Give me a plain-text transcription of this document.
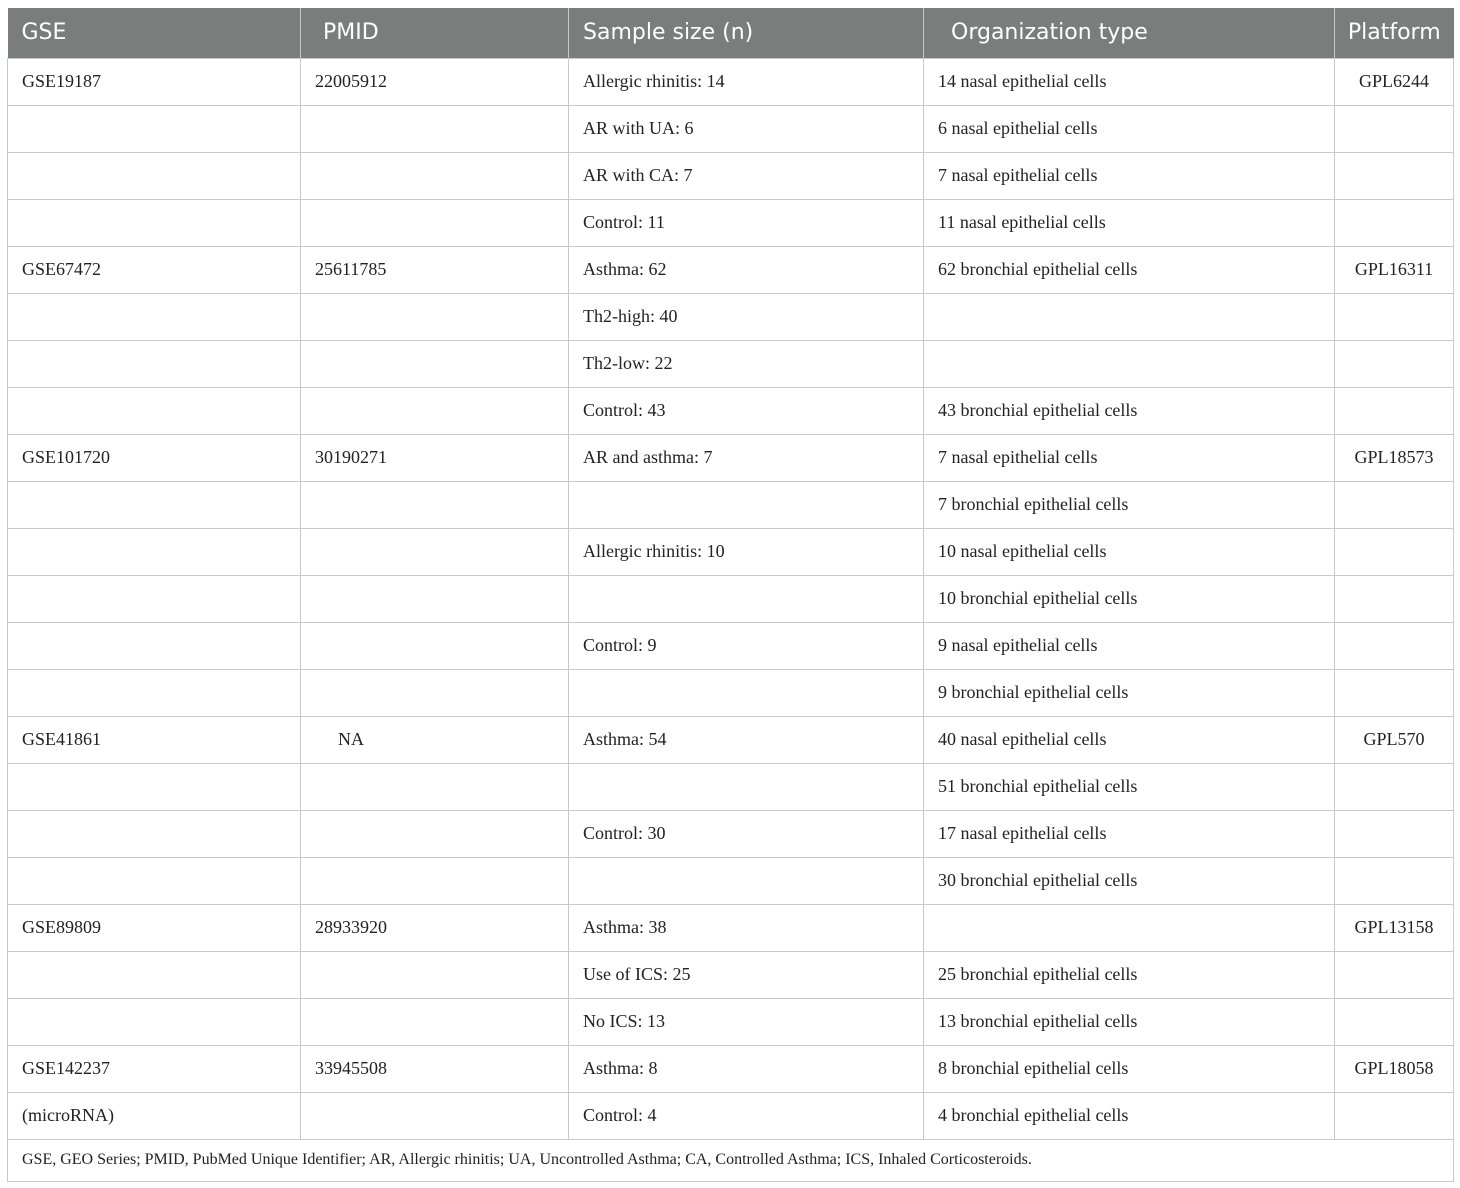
GSE	PMID	Sample size (n)	Organization type	Platform
GSE19187	22005912	Allergic rhinitis: 14	14 nasal epithelial cells	GPL6244
		AR with UA: 6	6 nasal epithelial cells	
		AR with CA: 7	7 nasal epithelial cells	
		Control: 11	11 nasal epithelial cells	
GSE67472	25611785	Asthma: 62	62 bronchial epithelial cells	GPL16311
		Th2-high: 40		
		Th2-low: 22		
		Control: 43	43 bronchial epithelial cells	
GSE101720	30190271	AR and asthma: 7	7 nasal epithelial cells	GPL18573
			7 bronchial epithelial cells	
		Allergic rhinitis: 10	10 nasal epithelial cells	
			10 bronchial epithelial cells	
		Control: 9	9 nasal epithelial cells	
			9 bronchial epithelial cells	
GSE41861	NA	Asthma: 54	40 nasal epithelial cells	GPL570
			51 bronchial epithelial cells	
		Control: 30	17 nasal epithelial cells	
			30 bronchial epithelial cells	
GSE89809	28933920	Asthma: 38		GPL13158
		Use of ICS: 25	25 bronchial epithelial cells	
		No ICS: 13	13 bronchial epithelial cells	
GSE142237	33945508	Asthma: 8	8 bronchial epithelial cells	GPL18058
(microRNA)		Control: 4	4 bronchial epithelial cells	
GSE, GEO Series; PMID, PubMed Unique Identifier; AR, Allergic rhinitis; UA, Uncontrolled Asthma; CA, Controlled Asthma; ICS, Inhaled Corticosteroids.				
